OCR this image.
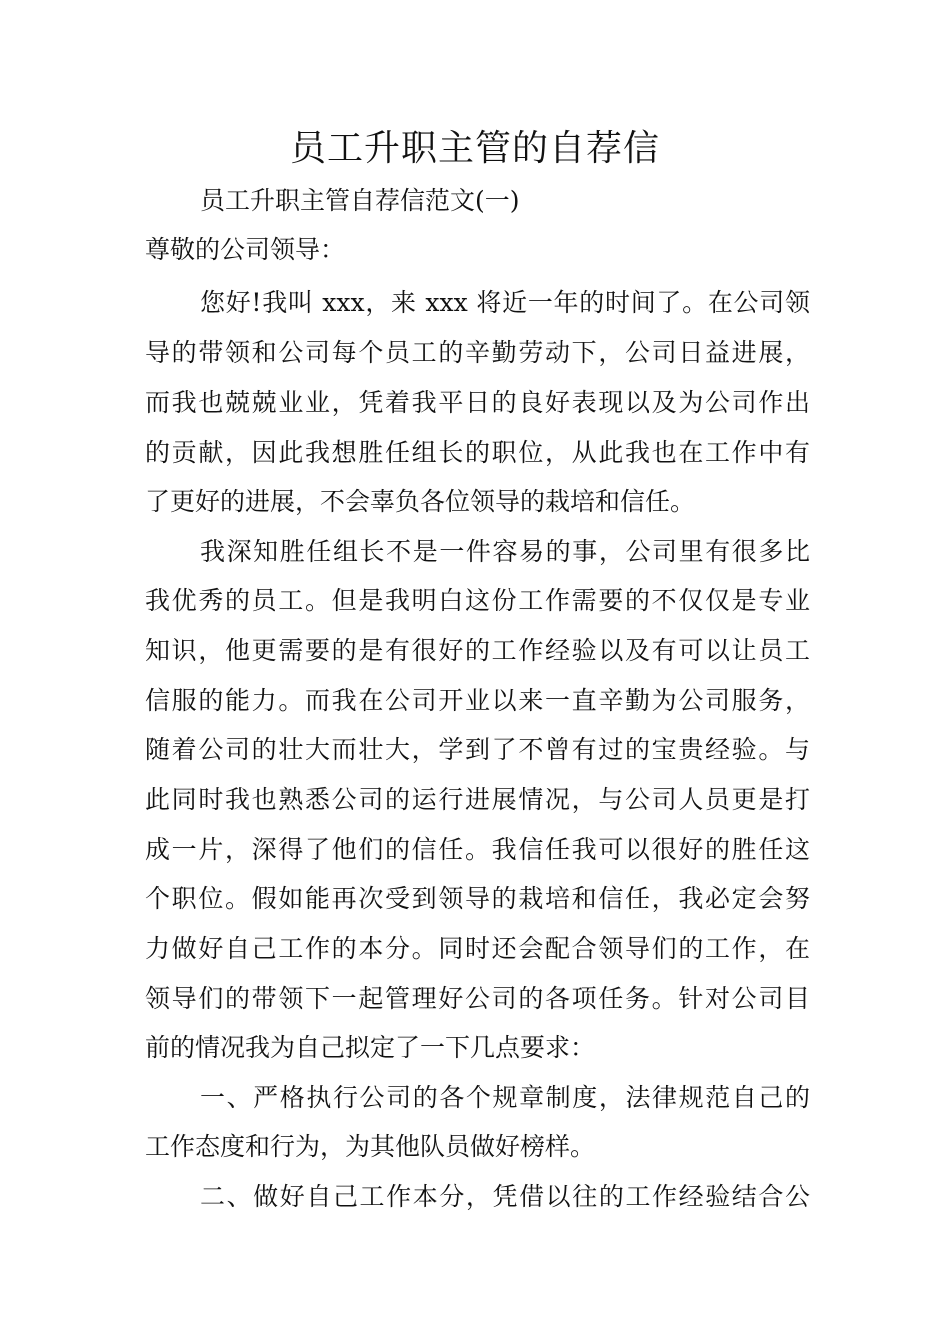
员工升职主管的自荐信

员工升职主管自荐信范文(一)

尊敬的公司领导：

您好!我叫 xxx，来 xxx 将近一年的时间了。在公司领

导的带领和公司每个员工的辛勤劳动下，公司日益进展，

而我也兢兢业业，凭着我平日的良好表现以及为公司作出

的贡献，因此我想胜任组长的职位，从此我也在工作中有

了更好的进展，不会辜负各位领导的栽培和信任。

我深知胜任组长不是一件容易的事，公司里有很多比

我优秀的员工。但是我明白这份工作需要的不仅仅是专业

知识，他更需要的是有很好的工作经验以及有可以让员工

信服的能力。而我在公司开业以来一直辛勤为公司服务，

随着公司的壮大而壮大，学到了不曾有过的宝贵经验。与

此同时我也熟悉公司的运行进展情况，与公司人员更是打

成一片，深得了他们的信任。我信任我可以很好的胜任这

个职位。假如能再次受到领导的栽培和信任，我必定会努

力做好自己工作的本分。同时还会配合领导们的工作，在

领导们的带领下一起管理好公司的各项任务。针对公司目

前的情况我为自己拟定了一下几点要求：

一、严格执行公司的各个规章制度，法律规范自己的

工作态度和行为，为其他队员做好榜样。

二、做好自己工作本分，凭借以往的工作经验结合公
